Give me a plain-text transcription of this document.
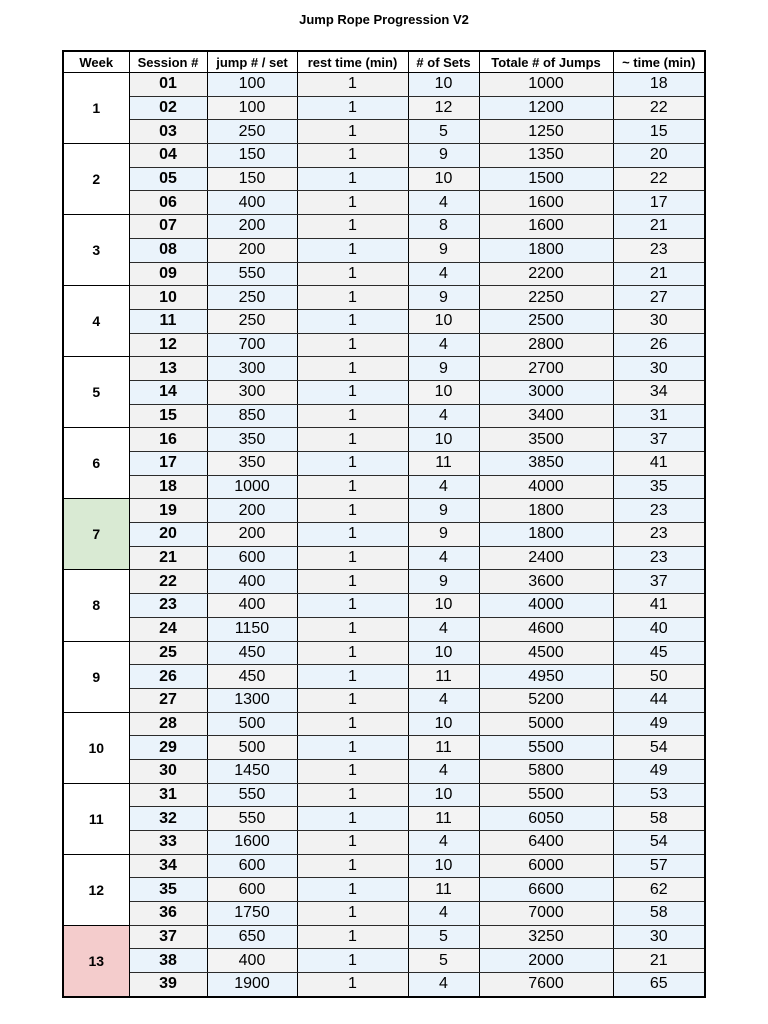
Jump Rope Progression V2
Week	Session #	jump # / set	rest time (min)	# of Sets	Totale # of Jumps	~ time (min)
1	01	100	1	10	1000	18
	02	100	1	12	1200	22
	03	250	1	5	1250	15
2	04	150	1	9	1350	20
	05	150	1	10	1500	22
	06	400	1	4	1600	17
3	07	200	1	8	1600	21
	08	200	1	9	1800	23
	09	550	1	4	2200	21
4	10	250	1	9	2250	27
	11	250	1	10	2500	30
	12	700	1	4	2800	26
5	13	300	1	9	2700	30
	14	300	1	10	3000	34
	15	850	1	4	3400	31
6	16	350	1	10	3500	37
	17	350	1	11	3850	41
	18	1000	1	4	4000	35
7	19	200	1	9	1800	23
	20	200	1	9	1800	23
	21	600	1	4	2400	23
8	22	400	1	9	3600	37
	23	400	1	10	4000	41
	24	1150	1	4	4600	40
9	25	450	1	10	4500	45
	26	450	1	11	4950	50
	27	1300	1	4	5200	44
10	28	500	1	10	5000	49
	29	500	1	11	5500	54
	30	1450	1	4	5800	49
11	31	550	1	10	5500	53
	32	550	1	11	6050	58
	33	1600	1	4	6400	54
12	34	600	1	10	6000	57
	35	600	1	11	6600	62
	36	1750	1	4	7000	58
13	37	650	1	5	3250	30
	38	400	1	5	2000	21
	39	1900	1	4	7600	65
